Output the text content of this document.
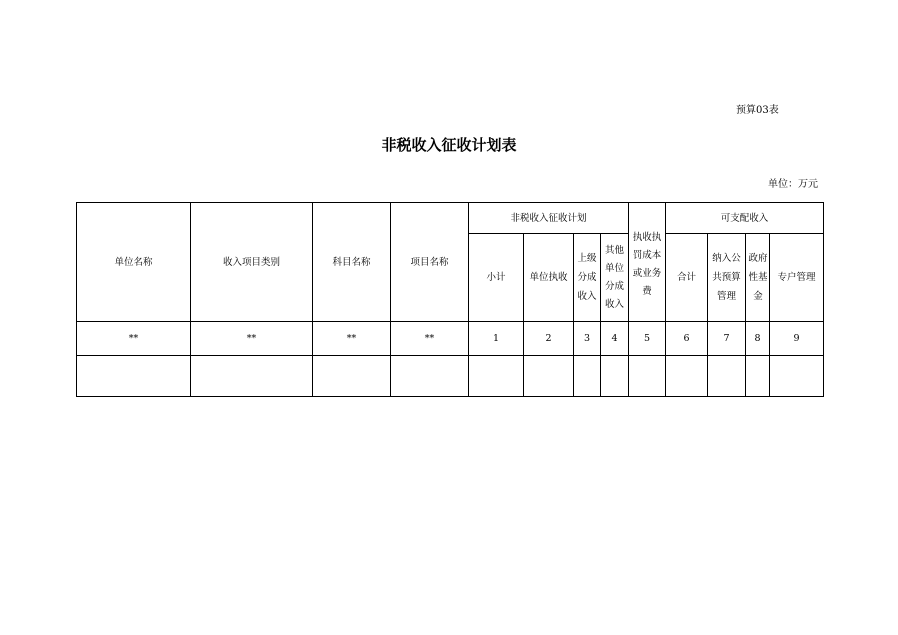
预算03表
非税收入征收计划表
单位：万元
单位名称	收入项目类别	科目名称	项目名称	非税收入征收计划				执收执罚成本或业务费	可支配收入			
				小计	单位执收	上级分成收入	其他单位分成收入		合计	纳入公共预算管理	政府性基金	专户管理
**	**	**	**	1	2	3	4	5	6	7	8	9
